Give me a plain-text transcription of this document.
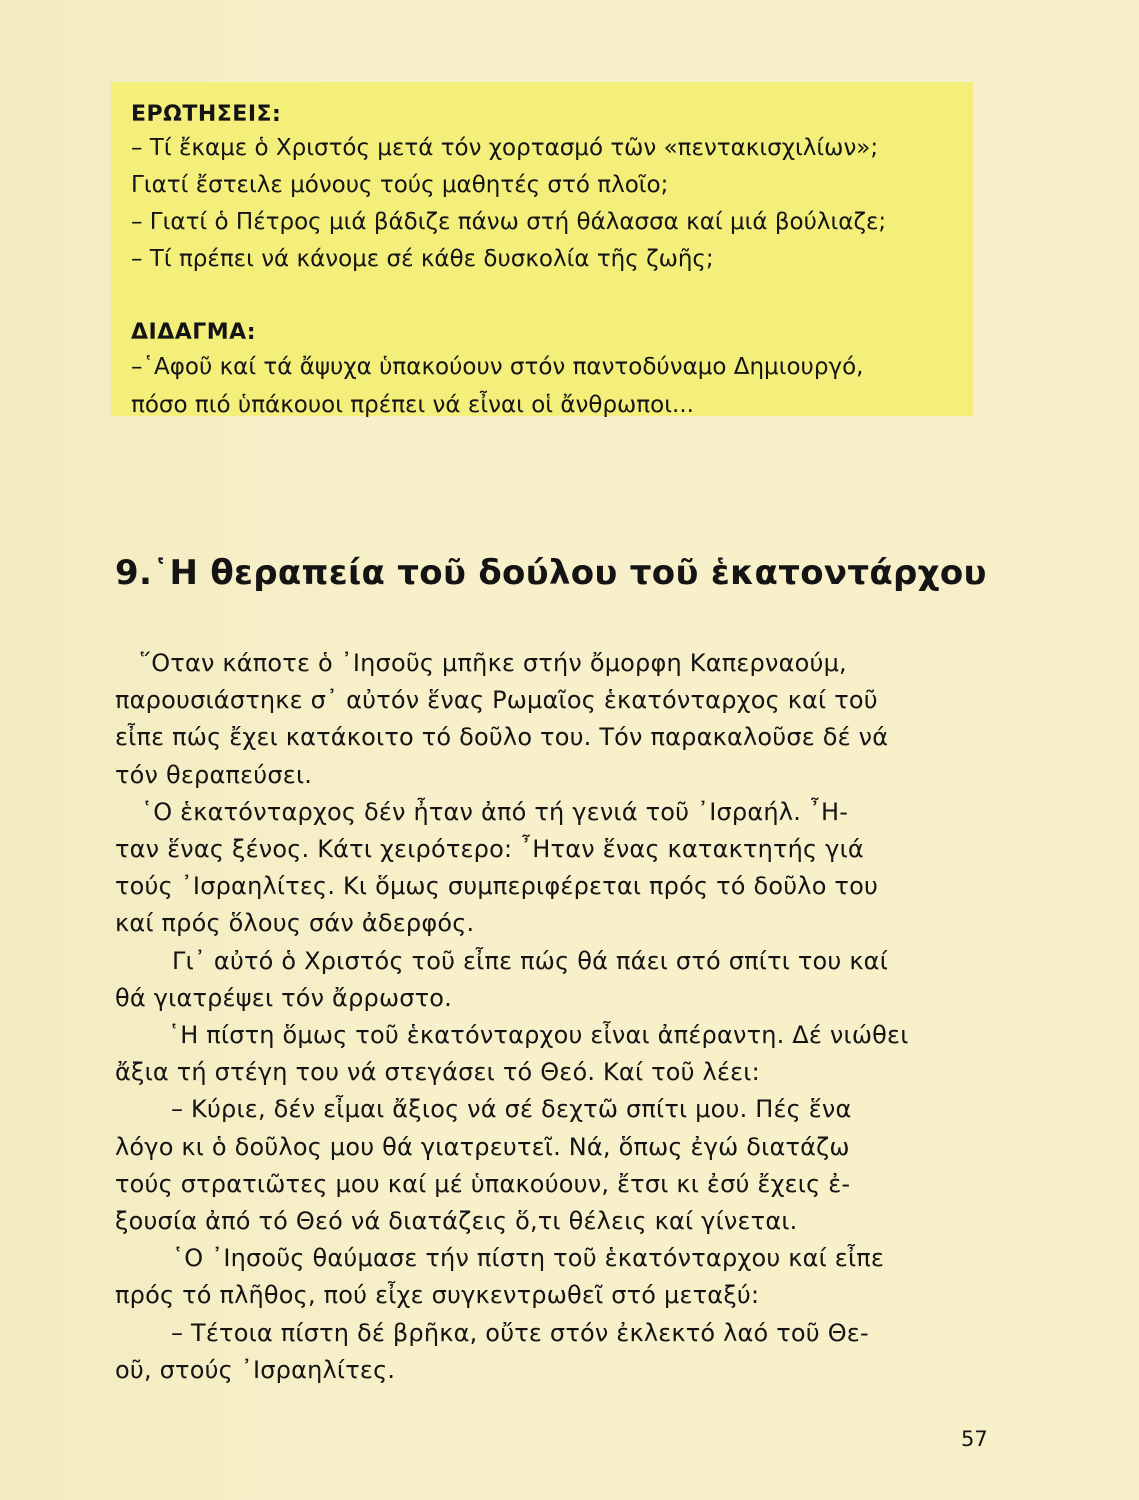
ΕΡΩΤΗΣΕΙΣ:

– Τί ἔκαμε ὁ Χριστός μετά τόν χορτασμό τῶν «πεντακισχιλίων»;

Γιατί ἔστειλε μόνους τούς μαθητές στό πλοῖο;

– Γιατί ὁ Πέτρος μιά βάδιζε πάνω στή θάλασσα καί μιά βούλιαζε;

– Τί πρέπει νά κάνομε σέ κάθε δυσκολία τῆς ζωῆς;

ΔΙΔΑΓΜΑ:

–῾Αφοῦ καί τά ἄψυχα ὑπακούουν στόν παντοδύναμο Δημιουργό,

πόσο πιό ὑπάκουοι πρέπει νά εἶναι οἱ ἄνθρωποι...

9.῾Η θεραπεία τοῦ δούλου τοῦ ἑκατοντάρχου

῞Οταν κάποτε ὁ ᾿Ιησοῦς μπῆκε στήν ὄμορφη Καπερναούμ,

παρουσιάστηκε σ᾿ αὐτόν ἕνας Ρωμαῖος ἑκατόνταρχος καί τοῦ

εἶπε πώς ἔχει κατάκοιτο τό δοῦλο του. Τόν παρακαλοῦσε δέ νά

τόν θεραπεύσει.

῾Ο ἑκατόνταρχος δέν ἦταν ἀπό τή γενιά τοῦ ᾿Ισραήλ. ῏Η-

ταν ἕνας ξένος. Κάτι χειρότερο: ῏Ηταν ἕνας κατακτητής γιά

τούς ᾿Ισραηλίτες. Κι ὅμως συμπεριφέρεται πρός τό δοῦλο του

καί πρός ὅλους σάν ἀδερφός.

Γι᾿ αὐτό ὁ Χριστός τοῦ εἶπε πώς θά πάει στό σπίτι του καί

θά γιατρέψει τόν ἄρρωστο.

῾Η πίστη ὅμως τοῦ ἑκατόνταρχου εἶναι ἀπέραντη. Δέ νιώθει

ἄξια τή στέγη του νά στεγάσει τό Θεό. Καί τοῦ λέει:

– Κύριε, δέν εἶμαι ἄξιος νά σέ δεχτῶ σπίτι μου. Πές ἕνα

λόγο κι ὁ δοῦλος μου θά γιατρευτεῖ. Νά, ὅπως ἐγώ διατάζω

τούς στρατιῶτες μου καί μέ ὑπακούουν, ἔτσι κι ἐσύ ἔχεις ἐ-

ξουσία ἀπό τό Θεό νά διατάζεις ὅ,τι θέλεις καί γίνεται.

῾Ο ᾿Ιησοῦς θαύμασε τήν πίστη τοῦ ἑκατόνταρχου καί εἶπε

πρός τό πλῆθος, πού εἶχε συγκεντρωθεῖ στό μεταξύ:

– Τέτοια πίστη δέ βρῆκα, οὔτε στόν ἐκλεκτό λαό τοῦ Θε-

οῦ, στούς ᾿Ισραηλίτες.

57
